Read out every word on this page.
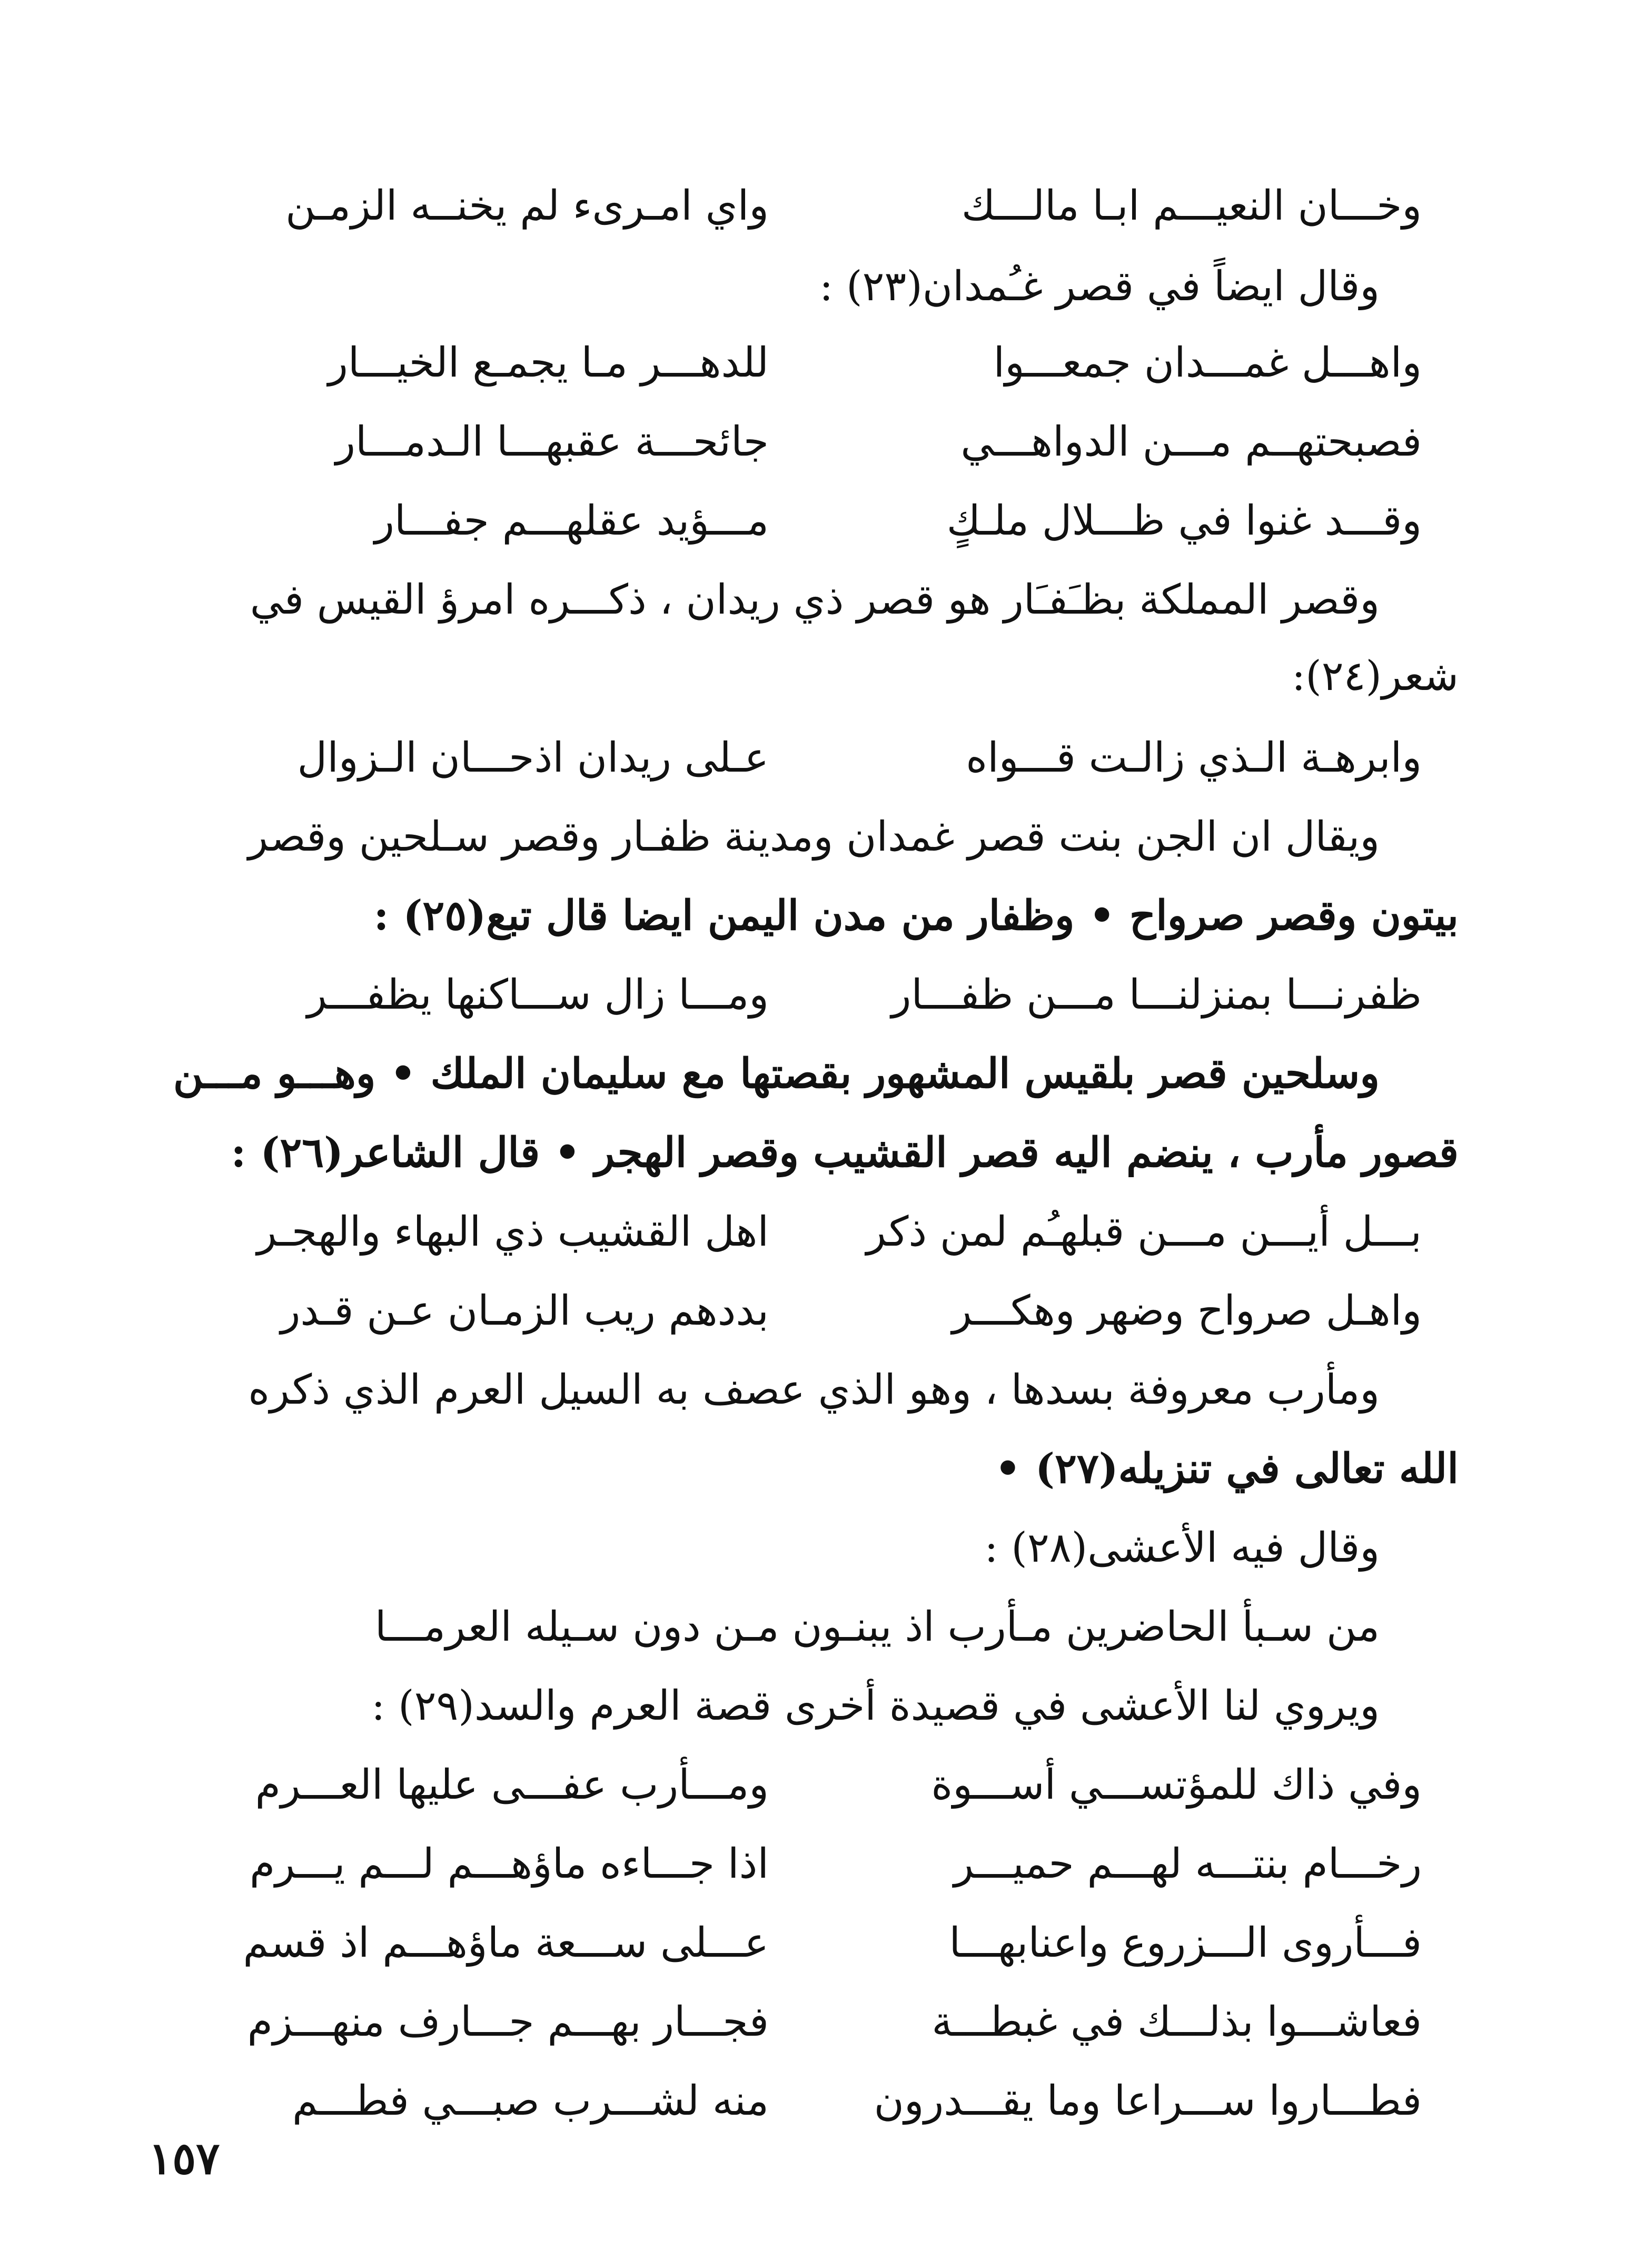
وخـــان النعيـــم ابـا مالـــك
واي امـرىء لم يخنــه الزمـن
وقال ايضاً في قصر غـُمدان(٢٣) :
واهـــل غمـــدان جمعـــوا
للدهـــر مـا يجمـع الخيـــار
فصبحتهــم مـــن الدواهـــي
جائحـــة عقبهـــا الـدمـــار
وقـــد غنوا في ظـــلال ملـكٍ
مـــؤيد عقلهـــم جفـــار
وقصر المملكة بظـَفـَار هو قصر ذي ريدان ، ذكـــره امرؤ القيس في
شعر(٢٤):
وابرهـة الـذي زالـت قـــواه
عـلى ريدان اذحـــان الـزوال
ويقال ان الجن بنت قصر غمدان ومدينة ظفـار وقصر سـلحين وقصر
بيتون وقصر صرواح • وظفار من مدن اليمن ايضا قال تبع(٢٥) :
ظفرنـــا بمنزلنـــا مـــن ظفـــار
ومـــا زال ســـاكنها يظفـــر
وسلحين قصر بلقيس المشهور بقصتها مع سليمان الملك • وهـــو مـــن
قصور مأرب ، ينضم اليه قصر القشيب وقصر الهجر • قال الشاعر(٢٦) :
بـــل أيـــن مـــن قبلهـُم لمن ذكر
اهل القشيب ذي البهاء والهجـر
واهـل صرواح وضهر وهكـــر
بددهم ريب الزمـان عـن قـدر
ومأرب معروفة بسدها ، وهو الذي عصف به السيل العرم الذي ذكره
الله تعالى في تنزيله(٢٧) •
وقال فيه الأعشى(٢٨) :
من سـبأ الحاضرين مـأرب اذ يبنـون مـن دون سـيله العرمـــا
ويروي لنا الأعشى في قصيدة أخرى قصة العرم والسد(٢٩) :
وفي ذاك للمؤتســـي أســـوة
ومـــأرب عفـــى عليها العـــرم
رخـــام بنتـــه لهـــم حميـــر
اذا جـــاءه ماؤهـــم لـــم يـــرم
فـــأروى الـــزروع واعنابهـــا
عـــلى ســـعة ماؤهـــم اذ قسم
فعاشـــوا بذلـــك في غبطـــة
فجـــار بهـــم جـــارف منهـــزم
فطـــاروا ســـراعا وما يقـــدرون
منه لشـــرب صبـــي فطـــم
١٥٧
